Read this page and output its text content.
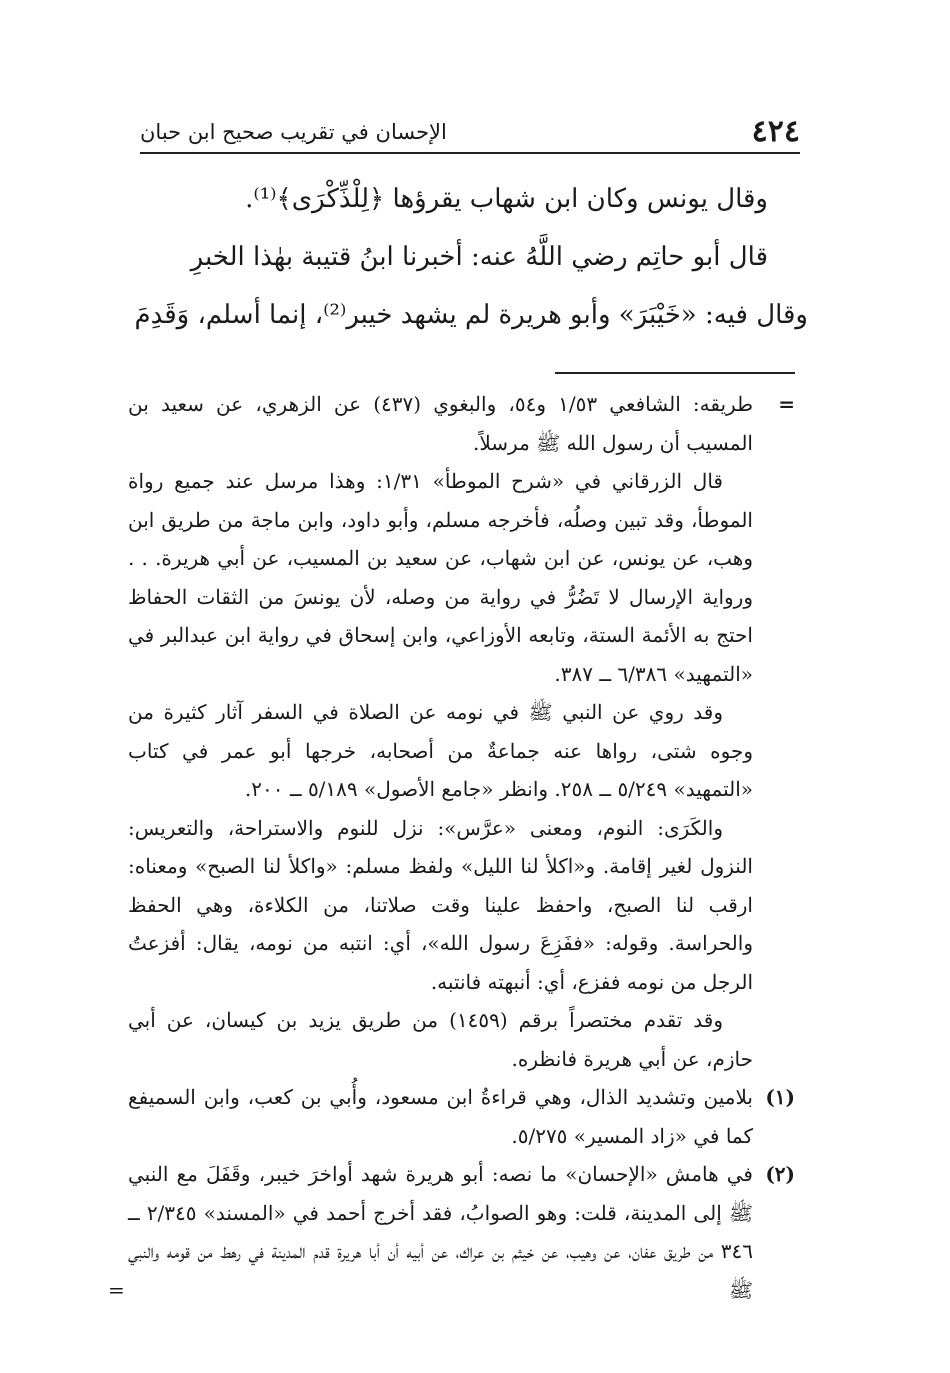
٤٢٤
الإحسان في تقريب صحيح ابن حبان

وقال يونس وكان ابن شهاب يقرؤها ﴿لِلْذِّكْرَى﴾⁽¹⁾.

قال أبو حاتِم رضي اللَّهُ عنه: أخبرنا ابنُ قتيبة بهٰذا الخبرِ

وقال فيه: «خَيْبَرَ» وأبو هريرة لم يشهد خيبر⁽²⁾، إنما أسلم، وَقَدِمَ

=

طريقه: الشافعي ١/٥٣ و٥٤، والبغوي (٤٣٧) عن الزهري، عن سعيد بن المسيب أن رسول الله ﷺ مرسلاً.

قال الزرقاني في «شرح الموطأ» ١/٣١: وهذا مرسل عند جميع رواة الموطأ، وقد تبين وصلُه، فأخرجه مسلم، وأبو داود، وابن ماجة من طريق ابن وهب، عن يونس، عن ابن شهاب، عن سعيد بن المسيب، عن أبي هريرة. . . ورواية الإرسال لا تَضُرُّ في رواية من وصله، لأن يونسَ من الثقات الحفاظ احتج به الأئمة الستة، وتابعه الأوزاعي، وابن إسحاق في رواية ابن عبدالبر في «التمهيد» ٦/٣٨٦ ــ ٣٨٧.

وقد روي عن النبي ﷺ في نومه عن الصلاة في السفر آثار كثيرة من وجوه شتى، رواها عنه جماعةٌ من أصحابه، خرجها أبو عمر في كتاب «التمهيد» ٥/٢٤٩ ــ ٢٥٨. وانظر «جامع الأصول» ٥/١٨٩ ــ ٢٠٠.

والكَرَى: النوم، ومعنى «عرَّس»: نزل للنوم والاستراحة، والتعريس: النزول لغير إقامة. و«اكلأ لنا الليل» ولفظ مسلم: «واكلأ لنا الصبح» ومعناه: ارقب لنا الصبح، واحفظ علينا وقت صلاتنا، من الكلاءة، وهي الحفظ والحراسة. وقوله: «ففَزِعَ رسول الله»، أي: انتبه من نومه، يقال: أفزعتُ الرجل من نومه ففزع، أي: أنبهته فانتبه.

وقد تقدم مختصراً برقم (١٤٥٩) من طريق يزيد بن كيسان، عن أبي حازم، عن أبي هريرة فانظره.

(١)

بلامين وتشديد الذال، وهي قراءةُ ابن مسعود، وأُبي بن كعب، وابن السميفع كما في «زاد المسير» ٥/٢٧٥.

(٢)

في هامش «الإحسان» ما نصه: أبو هريرة شهد أواخرَ خيبر، وقَفَلَ مع النبي ﷺ إلى المدينة، قلت: وهو الصوابُ، فقد أخرج أحمد في «المسند» ٢/٣٤٥ ــ ٣٤٦ من طريق عفان، عن وهيب، عن خيثم بن عراك، عن أبيه أن أبا هريرة قدم المدينة في رهط من قومه والنبي ﷺ

=
